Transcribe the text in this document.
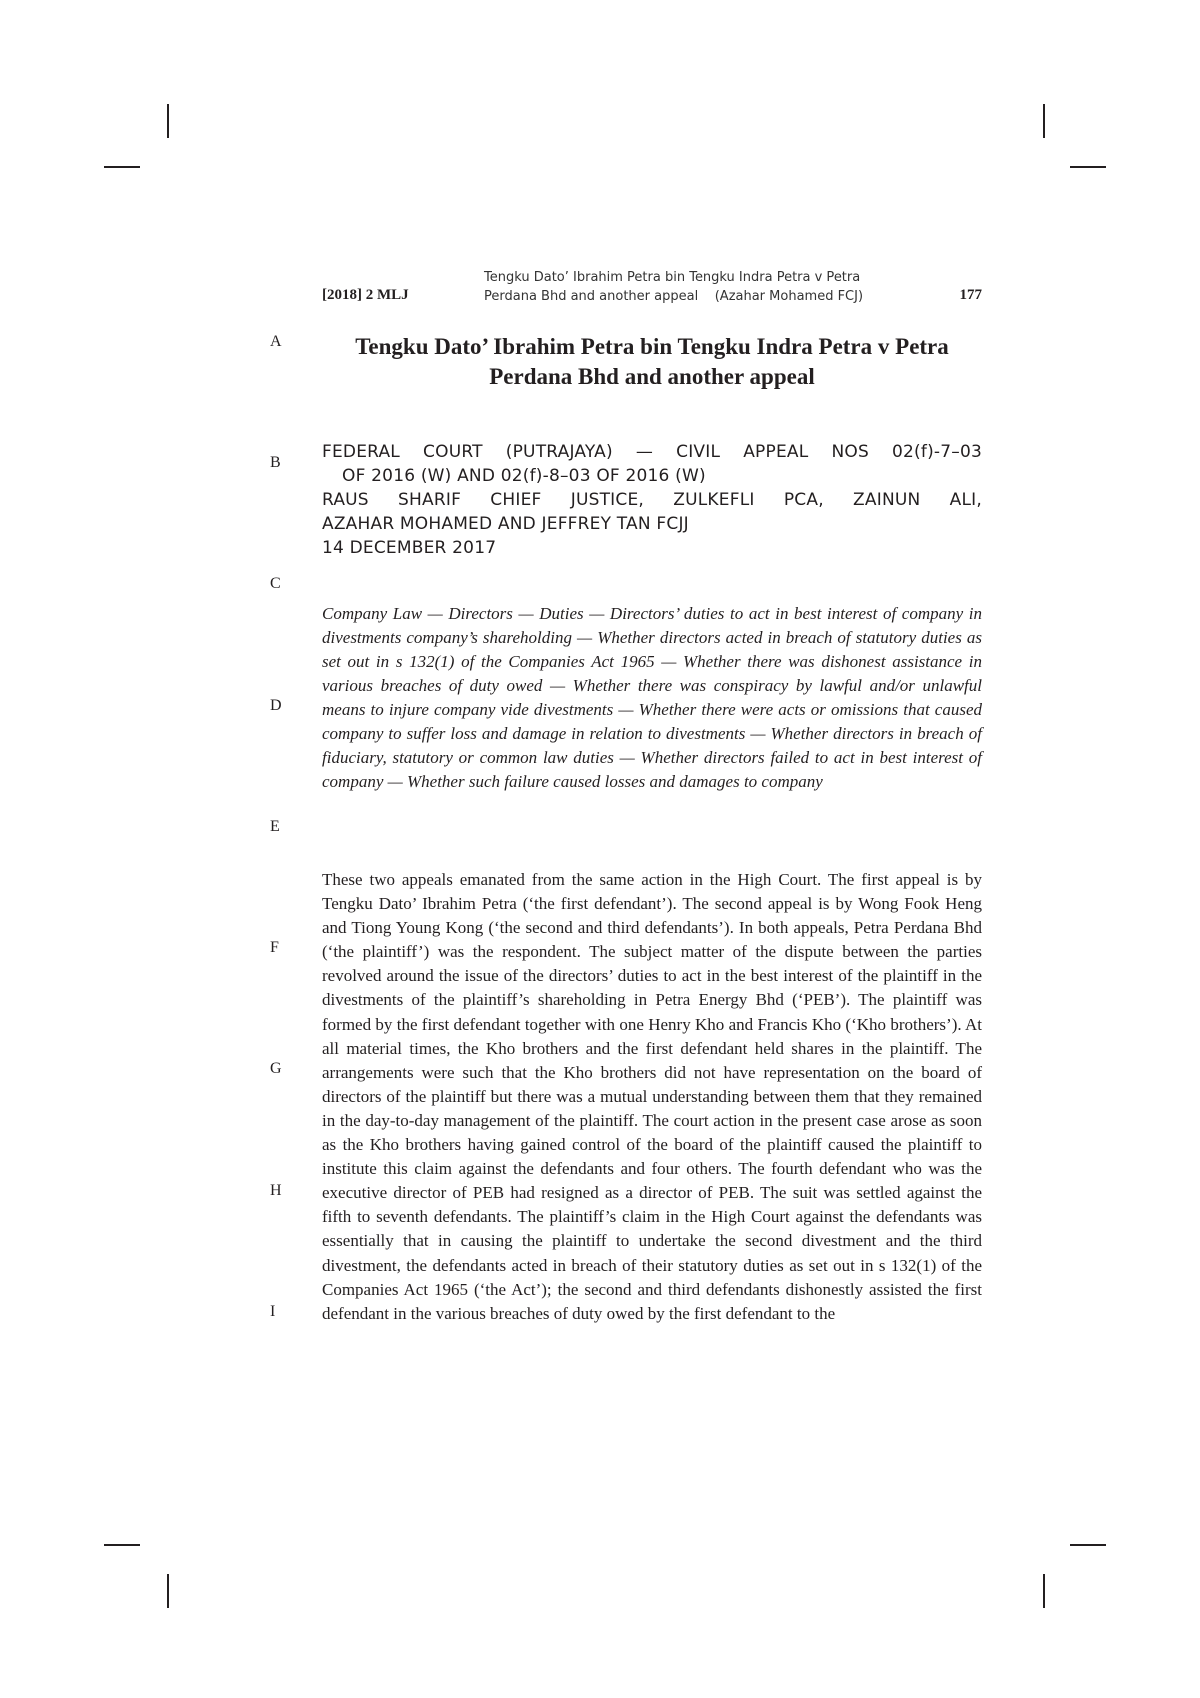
[2018] 2 MLJ
Tengku Dato’ Ibrahim Petra bin Tengku Indra Petra v Petra
Perdana Bhd and another appeal    (Azahar Mohamed FCJ)	177
A
B
C
D
E
F
G
H
I
Tengku Dato’ Ibrahim Petra bin Tengku Indra Petra v Petra
Perdana Bhd and another appeal
FEDERAL COURT (PUTRAJAYA) — CIVIL APPEAL NOS 02(f)-7–03
OF 2016 (W) AND 02(f)-8–03 OF 2016 (W)
RAUS SHARIF CHIEF JUSTICE, ZULKEFLI PCA, ZAINUN ALI,
AZAHAR MOHAMED AND JEFFREY TAN FCJJ
14 DECEMBER 2017
Company Law — Directors — Duties — Directors’ duties to act in best interest of company in divestments company’s shareholding — Whether directors acted in breach of statutory duties as set out in s 132(1) of the Companies Act 1965 — Whether there was dishonest assistance in various breaches of duty owed — Whether there was conspiracy by lawful and/or unlawful means to injure company vide divestments — Whether there were acts or omissions that caused company to suffer loss and damage in relation to divestments — Whether directors in breach of fiduciary, statutory or common law duties — Whether directors failed to act in best interest of company — Whether such failure caused losses and damages to company
These two appeals emanated from the same action in the High Court. The first appeal is by Tengku Dato’ Ibrahim Petra (‘the first defendant’). The second appeal is by Wong Fook Heng and Tiong Young Kong (‘the second and third defendants’). In both appeals, Petra Perdana Bhd (‘the plaintiff’) was the respondent. The subject matter of the dispute between the parties revolved around the issue of the directors’ duties to act in the best interest of the plaintiff in the divestments of the plaintiff’s shareholding in Petra Energy Bhd (‘PEB’). The plaintiff was formed by the first defendant together with one Henry Kho and Francis Kho (‘Kho brothers’). At all material times, the Kho brothers and the first defendant held shares in the plaintiff. The arrangements were such that the Kho brothers did not have representation on the board of directors of the plaintiff but there was a mutual understanding between them that they remained in the day-to-day management of the plaintiff. The court action in the present case arose as soon as the Kho brothers having gained control of the board of the plaintiff caused the plaintiff to institute this claim against the defendants and four others. The fourth defendant who was the executive director of PEB had resigned as a director of PEB. The suit was settled against the fifth to seventh defendants. The plaintiff’s claim in the High Court against the defendants was essentially that in causing the plaintiff to undertake the second divestment and the third divestment, the defendants acted in breach of their statutory duties as set out in s 132(1) of the Companies Act 1965 (‘the Act’); the second and third defendants dishonestly assisted the first defendant in the various breaches of duty owed by the first defendant to the
